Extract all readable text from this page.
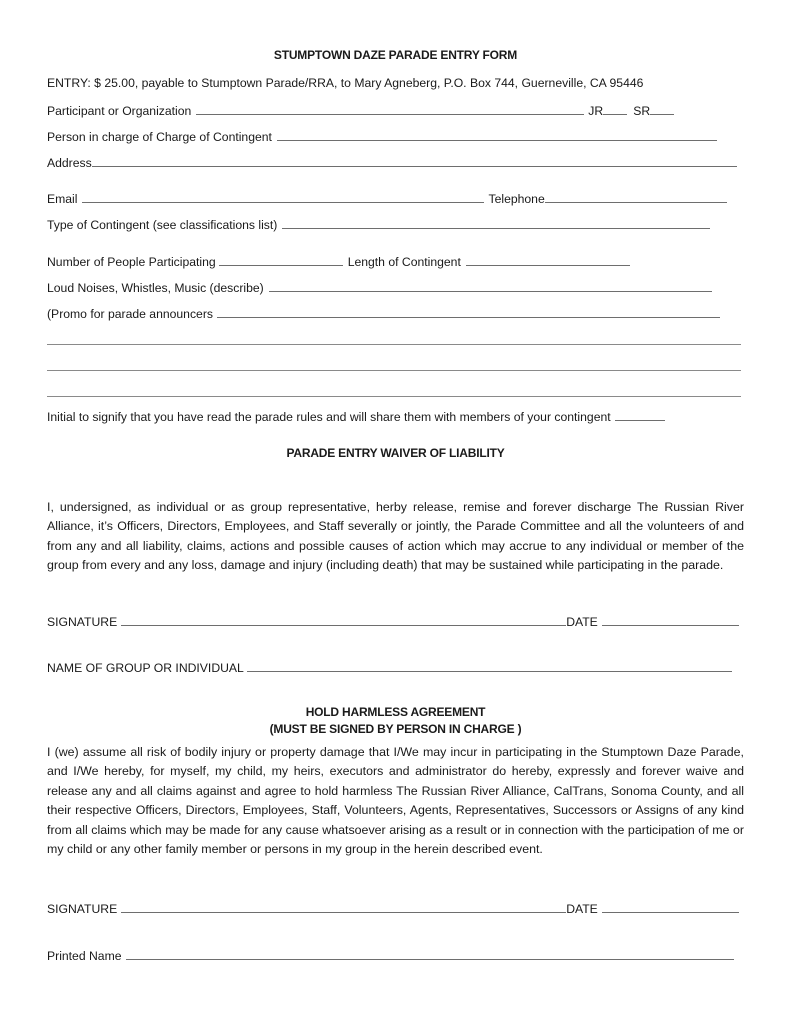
STUMPTOWN DAZE PARADE ENTRY FORM
ENTRY: $ 25.00, payable to Stumptown Parade/RRA, to Mary Agneberg, P.O. Box 744, Guerneville, CA 95446
Participant or Organization	JR SR
Person in charge of Charge of Contingent
Address
Email	Telephone
Type of Contingent (see classifications list)
Number of People Participating	Length of Contingent
Loud Noises, Whistles, Music (describe)
(Promo for parade announcers
Initial to signify that you have read the parade rules and will share them with members of your contingent
PARADE ENTRY WAIVER OF LIABILITY
I, undersigned, as individual or as group representative, herby release, remise and forever discharge The Russian River Alliance, it’s Officers, Directors, Employees, and Staff severally or jointly, the Parade Committee and all the volunteers of and from any and all liability, claims, actions and possible causes of action which may accrue to any individual or member of the group from every and any loss, damage and injury (including death) that may be sustained while participating in the parade.
SIGNATURE	DATE
NAME OF GROUP OR INDIVIDUAL
HOLD HARMLESS AGREEMENT
(MUST BE SIGNED BY PERSON IN CHARGE )
I (we) assume all risk of bodily injury or property damage that I/We may incur in participating in the Stumptown Daze Parade, and I/We hereby, for myself, my child, my heirs, executors and administrator do hereby, expressly and forever waive and release any and all claims against and agree to hold harmless The Russian River Alliance, CalTrans, Sonoma County, and all their respective Officers, Directors, Employees, Staff, Volunteers, Agents, Representatives, Successors or Assigns of any kind from all claims which may be made for any cause whatsoever arising as a result or in connection with the participation of me or my child or any other family member or persons in my group in the herein described event.
SIGNATURE	DATE
Printed Name
